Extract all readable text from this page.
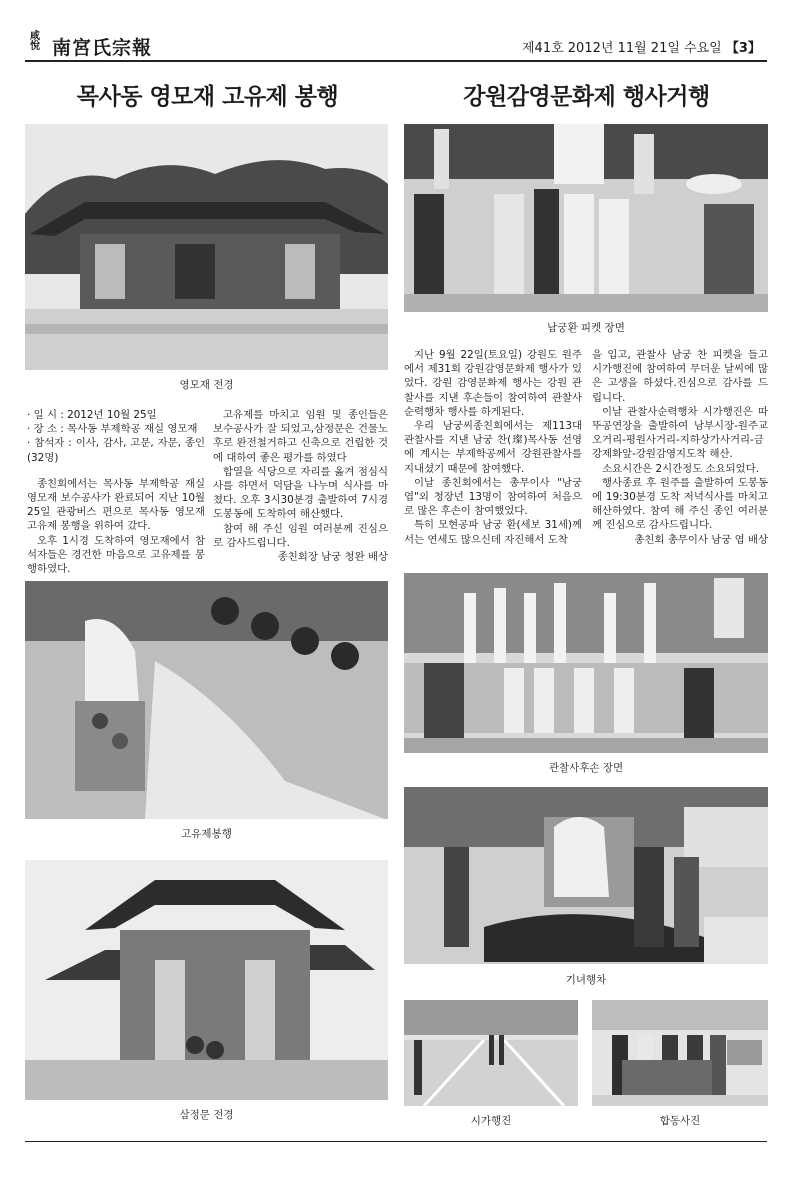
咸
悅 南宮氏宗報	제41호 2012년 11월 21일 수요일 【3】
목사동 영모재 고유제 봉행	강원감영문화제 행사거행
영모재 전경

· 일 시 : 2012년 10월 25일

· 장 소 : 목사동 부제학공 재실 영모재

· 참석자 : 이사, 감사, 고문, 자문, 종인(32명)

종친회에서는 목사동 부제학공 재실 영모재 보수공사가 완료되어 지난 10월 25일 관광버스 편으로 목사동 영모재 고유제 봉행을 위하여 갔다.

오후 1시경 도착하여 영모재에서 참석자들은 경건한 마음으로 고유제를 봉행하였다.

고유제를 마치고 임원 및 종인들은 보수공사가 잘 되었고,삼정문은 건물노후로 완전철거하고 신축으로 건립한 것에 대하여 좋은 평가를 하였다

합열을 식당으로 자리를 옮겨 점심식사를 하면서 덕담을 나누며 식사를 마쳤다. 오후 3시30분경 출발하여 7시경 도봉동에 도착하여 해산했다.

참여 해 주신 임원 여러분께 진심으로 감사드립니다.

종친회장 남궁 청완 배상

고유제봉행
삼정문 전경
남궁환 피켓 장면

지난 9월 22일(토요일) 강원도 원주에서 제31회 강원감영문화제 행사가 있었다. 강원 감영문화제 행사는 강원 관찰사를 지낸 후손들이 참여하여 관찰사순력행차 행사를 하게된다.

우리 남궁씨종친회에서는 제113대 관찰사를 지낸 남궁 찬(璨)목사동 선영에 계시는 부제학공께서 강원관찰사를 지내셨기 때문에 참여했다.

이날 종친회에서는 총무이사 "남궁 엽"외 청장년 13명이 참여하여 처음으로 많은 후손이 참여했었다.

특히 모현공파 남궁 환(세보 31세)께서는 연세도 많으신데 자진해서 도착

을 입고, 관찰사 남궁 찬 피켓을 들고 시가행진에 참여하여 무더운 날씨에 많은 고생을 하셨다.진심으로 감사를 드립니다.

이날 관찰사순력행차 시가행진은 따뚜공연장을 출발하여 남부시장-원주교오거리-평원사거리-지하상가사거리-금강제화앞-강원감영지도착 해산.

소요시간은 2시간정도 소요되었다.

행사종료 후 원주를 출발하여 도봉동에 19:30분경 도착 저녁식사를 마치고 해산하였다. 참여 해 주신 종인 여러분께 진심으로 감사드립니다.

총친회 총무이사 남궁 엽 배상

관찰사후손 장면
기녀행차
시가행진	합동사진
